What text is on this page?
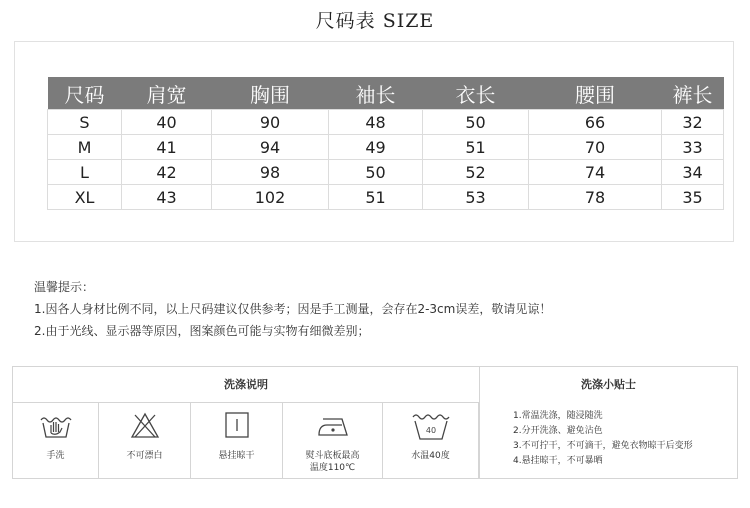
尺码表 SIZE
尺码	肩宽	胸围	袖长	衣长	腰围	裤长
S	40	90	48	50	66	32
M	41	94	49	51	70	33
L	42	98	50	52	74	34
XL	43	102	51	53	78	35
温馨提示：
1.因各人身材比例不同，以上尺码建议仅供参考；因是手工测量，会存在2-3cm误差，敬请见谅！
2.由于光线、显示器等原因，图案颜色可能与实物有细微差别；
洗涤说明	洗涤小贴士
手洗	不可漂白	悬挂晾干	熨斗底板最高
温度110℃
40
水温40度
1.常温洗涤，随浸随洗
2.分开洗涤、避免沾色
3.不可拧干，不可滴干，避免衣物晾干后变形
4.悬挂晾干，不可暴晒
